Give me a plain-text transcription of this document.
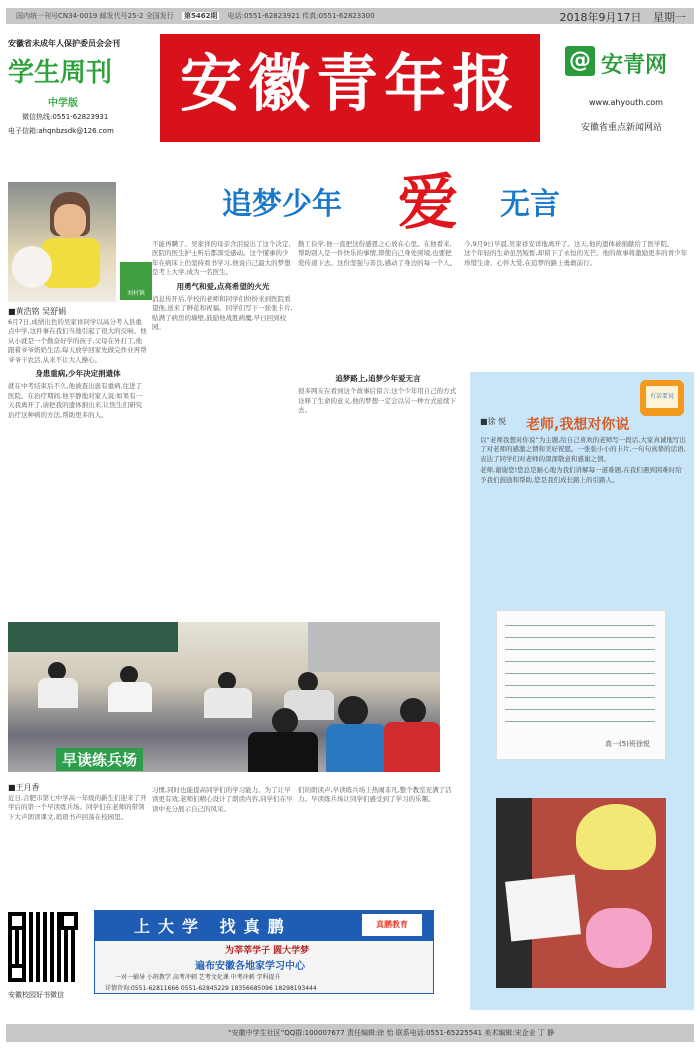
国内统一刊号CN34-0019 邮发代号25-2 全国发行 第5462期 电话:0551-62823921 传真:0551-62823300	2018年9月17日 星期一
安徽省未成年人保护委员会会刊
学生周刊
中学版
微信热线:0551-62823931
电子信箱:ahqnbzsdk@126.com
安徽青年报	@ 安青网
www.ahyouth.com
安徽省重点新闻网站
追梦少年 爱 无言
刘村镇
■黄浩铭 吴舒娟

6月7日,成绩出色的吴家祥同学以高分考入县重点中学,这件事在我们当地引起了很大的反响。他从小就是一个勤奋好学的孩子,父母在外打工,他跟着爷爷奶奶生活,每天放学回家先做完作业再帮爷爷干农活,从来不让大人操心。

身患重病,少年决定捐遗体

就在中考结束后不久,他被查出患有重病,住进了医院。在治疗期间,他平静地对家人说:如果有一天我离开了,请把我的遗体捐出来,让医生们研究治疗这种病的方法,帮助更多的人。

不能再瞒了。吴家祥的母亲含泪说出了这个决定,医院的医生护士听后都深受感动。这个懂事的少年在病床上仍坚持看书学习,他说自己最大的梦想是考上大学,成为一名医生。

用勇气和爱,点亮希望的火光

消息传开后,学校的老师和同学们纷纷来到医院看望他,送来了鲜花和祝福。同学们写下一张张卡片,贴满了病房的墙壁,鼓励他战胜病魔,早日回到校园。

勤工俭学,他一直把这份感恩之心放在心里。在他看来,帮助别人是一件快乐的事情,即使自己身处困境,也要把爱传递下去。这份坚强与善良,感动了身边的每一个人。

追梦路上,追梦少年爱无言

很多网友在看到这个故事后留言:这个少年用自己的方式诠释了生命的意义,他的梦想一定会以另一种方式延续下去。

今,9月9日早晨,吴家祥安详地离开了。这天,他的遗体被捐献给了医学院。

这个年轻的生命虽然短暂,却留下了永恒的光芒。他的故事将激励更多的青少年珍惜生命、心怀大爱,在追梦的路上勇敢前行。

早读练兵场
■王月香
近日,合肥市第七中学高一年级的新生们迎来了开学后的第一个早读练兵场。同学们在老师的带领下大声朗读课文,琅琅书声回荡在校园里。
习惯,同时也能提高同学们的学习能力。为了让早读更有效,老师们精心设计了朗读内容,同学们在早读中充分展示自己的风采。
们的朗读声,早读练兵场上热闹非凡,整个教室充满了活力。早读练兵场让同学们感受到了学习的乐趣。
有话要说
老师,我想对你说
■徐 悦

以“老师我想对你说”为主题,给自己喜欢的老师写一段话,大家真诚地写出了对老师的感激之情和美好祝愿。一张张小小的卡片,一句句真挚的话语,表达了同学们对老师的深深敬意和感谢之情。

老师,谢谢您!您总是耐心地为我们讲解每一道难题,在我们遇到困难时给予我们鼓励和帮助,您是我们成长路上的引路人。

高一(5)班徐悦
安徽校园好书微信
上大学 找真鹏	真鹏教育
为莘莘学子 圆大学梦
遍布安徽各地家学习中心
一对一辅导 小班教学 高考冲刺 艺考文化课 中考冲刺 学科提升
详情咨询:0551-62811666 0551-62845229 18356685096 18298193444
“安徽中学生社区”QQ群:100007677 责任编辑:徐 怡 联系电话:0551-65225541 美术编辑:宋企业 丁 静
